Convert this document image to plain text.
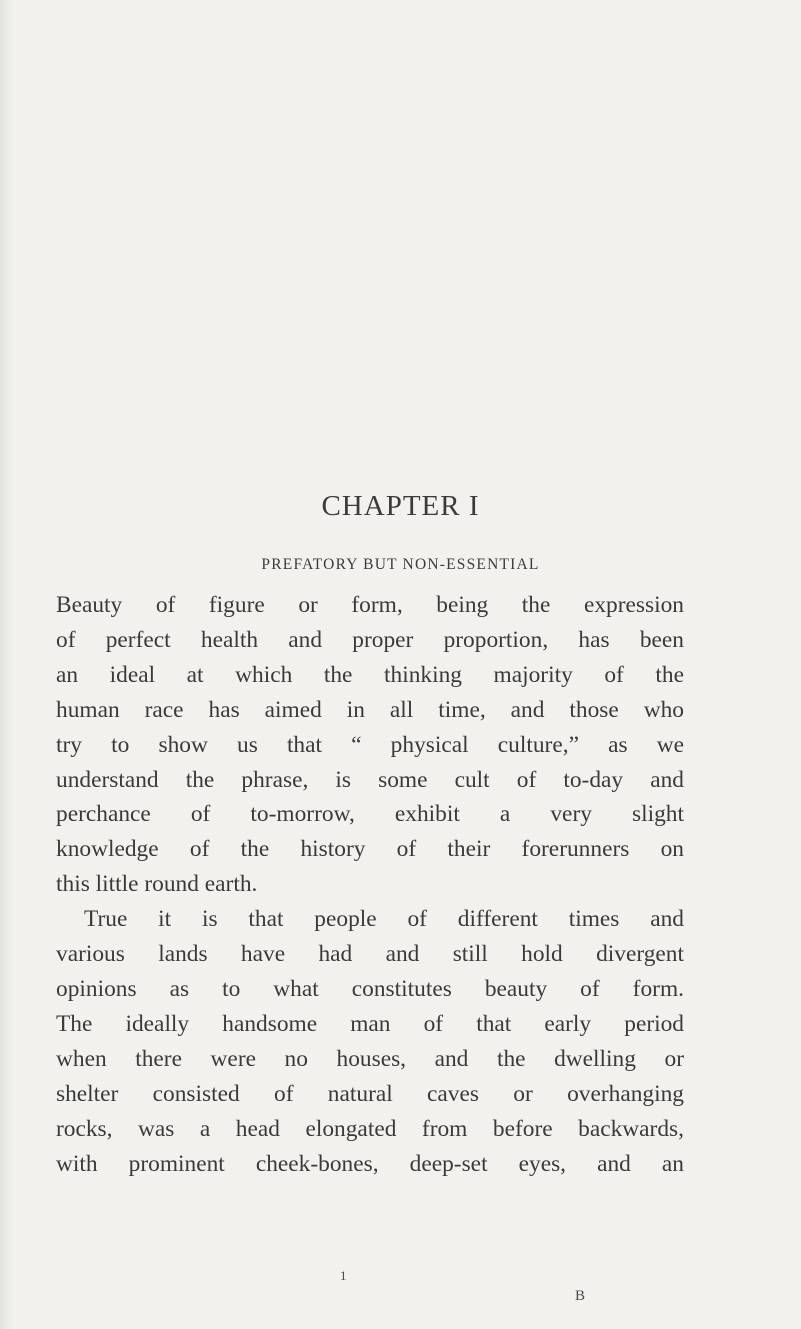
CHAPTER I
PREFATORY BUT NON-ESSENTIAL
Beauty of figure or form, being the expression
of perfect health and proper proportion, has been
an ideal at which the thinking majority of the
human race has aimed in all time, and those who
try to show us that “ physical culture,” as we
understand the phrase, is some cult of to-day and
perchance of to-morrow, exhibit a very slight
knowledge of the history of their forerunners on
this little round earth.
True it is that people of different times and
various lands have had and still hold divergent
opinions as to what constitutes beauty of form.
The ideally handsome man of that early period
when there were no houses, and the dwelling or
shelter consisted of natural caves or overhanging
rocks, was a head elongated from before backwards,
with prominent cheek-bones, deep-set eyes, and an
1
B
